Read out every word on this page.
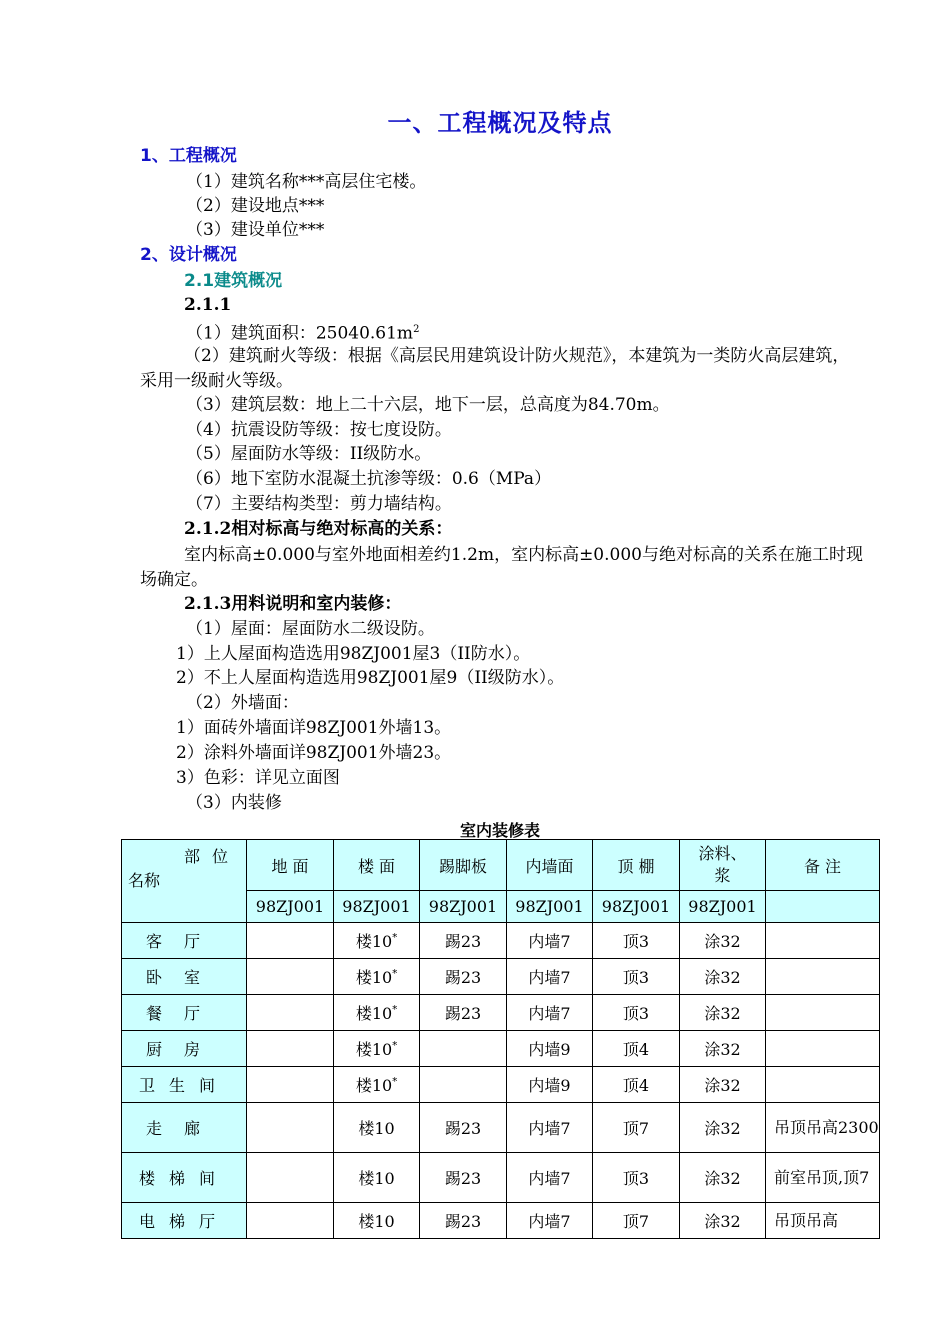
一、工程概况及特点
1、工程概况
（1）建筑名称***高层住宅楼。
（2）建设地点***
（3）建设单位***
2、设计概况
2.1建筑概况
2.1.1
（1）建筑面积：$25040.61m^2$
（2）建筑耐火等级：根据《高层民用建筑设计防火规范》，本建筑为一类防火高层建筑，采用一级耐火等级。
（3）建筑层数：地上二十六层，地下一层，总高度为84.70m。
（4）抗震设防等级：按七度设防。
（5）屋面防水等级：II级防水。
（6）地下室防水混凝土抗渗等级：0.6（MPa）
（7）主要结构类型：剪力墙结构。
2.1.2相对标高与绝对标高的关系：
室内标高±0.000与室外地面相差约1.2m，室内标高±0.000与绝对标高的关系在施工时现场确定。
2.1.3用料说明和室内装修：
（1）屋面：屋面防水二级设防。
1）上人屋面构造选用98ZJ001屋3（II防水）。
2）不上人屋面构造选用98ZJ001屋9（II级防水）。
（2）外墙面：
1）面砖外墙面详98ZJ001外墙13。
2）涂料外墙面详98ZJ001外墙23。
3）色彩：详见立面图
（3）内装修
室内装修表
部位
名称	地 面	楼 面	踢脚板	内墙面	顶 棚	涂料、浆	备 注
	98ZJ001	98ZJ001	98ZJ001	98ZJ001	98ZJ001	98ZJ001	
客厅		楼10*	踢23	内墙7	顶3	涂32	
卧室		楼10*	踢23	内墙7	顶3	涂32	
餐厅		楼10*	踢23	内墙7	顶3	涂32	
厨房		楼10*		内墙9	顶4	涂32	
卫生间		楼10*		内墙9	顶4	涂32	
走廊		楼10	踢23	内墙7	顶7	涂32	吊顶吊高2300
楼梯间		楼10	踢23	内墙7	顶3	涂32	前室吊顶,顶7
电梯厅		楼10	踢23	内墙7	顶7	涂32	吊顶吊高
